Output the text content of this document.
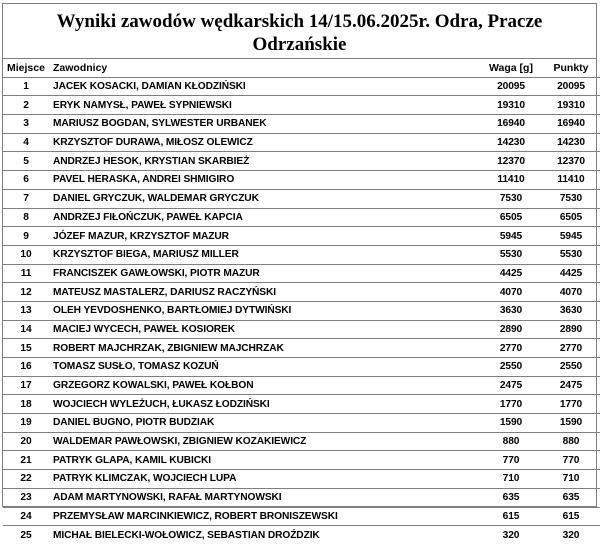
Wyniki zawodów wędkarskich 14/15.06.2025r. Odra, Pracze
Odrzańskie
Miejsce	Zawodnicy	Waga [g]	Punkty
1	JACEK KOSACKI, DAMIAN KŁODZIŃSKI	20095	20095
2	ERYK NAMYSŁ, PAWEŁ SYPNIEWSKI	19310	19310
3	MARIUSZ BOGDAN, SYLWESTER URBANEK	16940	16940
4	KRZYSZTOF DURAWA, MIŁOSZ OLEWICZ	14230	14230
5	ANDRZEJ HESOK, KRYSTIAN SKARBIEŻ	12370	12370
6	PAVEL HERASKA, ANDREI SHMIGIRO	11410	11410
7	DANIEL GRYCZUK, WALDEMAR GRYCZUK	7530	7530
8	ANDRZEJ FIŁOŃCZUK, PAWEŁ KAPCIA	6505	6505
9	JÓZEF MAZUR, KRZYSZTOF MAZUR	5945	5945
10	KRZYSZTOF BIEGA, MARIUSZ MILLER	5530	5530
11	FRANCISZEK GAWŁOWSKI, PIOTR MAZUR	4425	4425
12	MATEUSZ MASTALERZ, DARIUSZ RACZYŃSKI	4070	4070
13	OLEH YEVDOSHENKO, BARTŁOMIEJ DYTWIŃSKI	3630	3630
14	MACIEJ WYCECH, PAWEŁ KOSIOREK	2890	2890
15	ROBERT MAJCHRZAK, ZBIGNIEW MAJCHRZAK	2770	2770
16	TOMASZ SUSŁO, TOMASZ KOZUŃ	2550	2550
17	GRZEGORZ KOWALSKI, PAWEŁ KOŁBON	2475	2475
18	WOJCIECH WYLEŻUCH, ŁUKASZ ŁODZIŃSKI	1770	1770
19	DANIEL BUGNO, PIOTR BUDZIAK	1590	1590
20	WALDEMAR PAWŁOWSKI, ZBIGNIEW KOZAKIEWICZ	880	880
21	PATRYK GLAPA, KAMIL KUBICKI	770	770
22	PATRYK KLIMCZAK, WOJCIECH LUPA	710	710
23	ADAM MARTYNOWSKI, RAFAŁ MARTYNOWSKI	635	635
24	PRZEMYSŁAW MARCINKIEWICZ, ROBERT BRONISZEWSKI	615	615
25	MICHAŁ BIELECKI-WOŁOWICZ, SEBASTIAN DROŹDZIK	320	320
